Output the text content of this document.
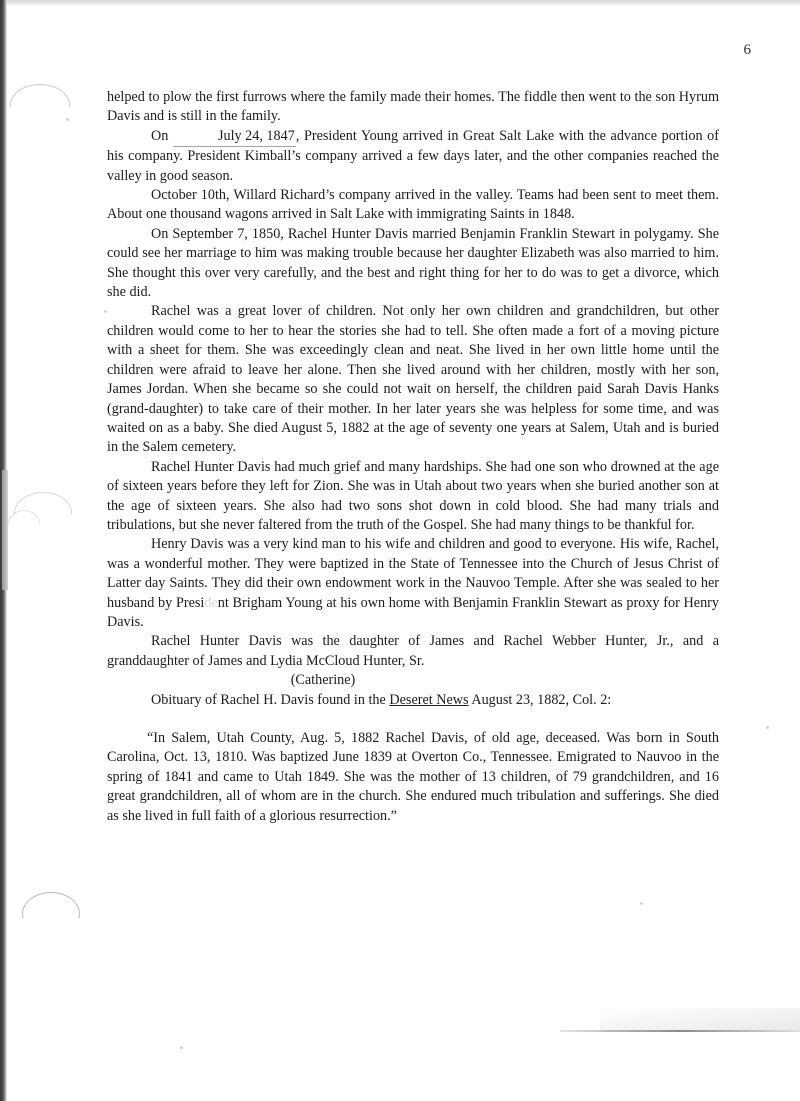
6

helped to plow the first furrows where the family made their homes. The fiddle then went to the son Hyrum Davis and is still in the family.

On	July 24, 1847, President Young arrived in Great Salt Lake with the advance portion of his company. President Kimball’s company arrived a few days later, and the other companies reached the valley in good season.

October 10th, Willard Richard’s company arrived in the valley. Teams had been sent to meet them. About one thousand wagons arrived in Salt Lake with immigrating Saints in 1848.

On September 7, 1850, Rachel Hunter Davis married Benjamin Franklin Stewart in polygamy. She could see her marriage to him was making trouble because her daughter Elizabeth was also married to him. She thought this over very carefully, and the best and right thing for her to do was to get a divorce, which she did.

Rachel was a great lover of children. Not only her own children and grandchildren, but other children would come to her to hear the stories she had to tell. She often made a fort of a moving picture with a sheet for them. She was exceedingly clean and neat. She lived in her own little home until the children were afraid to leave her alone. Then she lived around with her children, mostly with her son, James Jordan. When she became so she could not wait on herself, the children paid Sarah Davis Hanks (grand-daughter) to take care of their mother. In her later years she was helpless for some time, and was waited on as a baby. She died August 5, 1882 at the age of seventy one years at Salem, Utah and is buried in the Salem cemetery.

Rachel Hunter Davis had much grief and many hardships. She had one son who drowned at the age of sixteen years before they left for Zion. She was in Utah about two years when she buried another son at the age of sixteen years. She also had two sons shot down in cold blood. She had many trials and tribulations, but she never faltered from the truth of the Gospel. She had many things to be thankful for.

Henry Davis was a very kind man to his wife and children and good to everyone. His wife, Rachel, was a wonderful mother. They were baptized in the State of Tennessee into the Church of Jesus Christ of Latter day Saints. They did their own endowment work in the Nauvoo Temple. After she was sealed to her husband by President Brigham Young at his own home with Benjamin Franklin Stewart as proxy for Henry Davis.

Rachel Hunter Davis was the daughter of James and Rachel Webber Hunter, Jr., and a granddaughter of James and Lydia McCloud Hunter, Sr.

(Catherine)

Obituary of Rachel H. Davis found in the Deseret News August 23, 1882, Col. 2:

“In Salem, Utah County, Aug. 5, 1882 Rachel Davis, of old age, deceased. Was born in South Carolina, Oct. 13, 1810. Was baptized June 1839 at Overton Co., Tennessee. Emigrated to Nauvoo in the spring of 1841 and came to Utah 1849. She was the mother of 13 children, of 79 grandchildren, and 16 great grandchildren, all of whom are in the church. She endured much tribulation and sufferings. She died as she lived in full faith of a glorious resurrection.”
